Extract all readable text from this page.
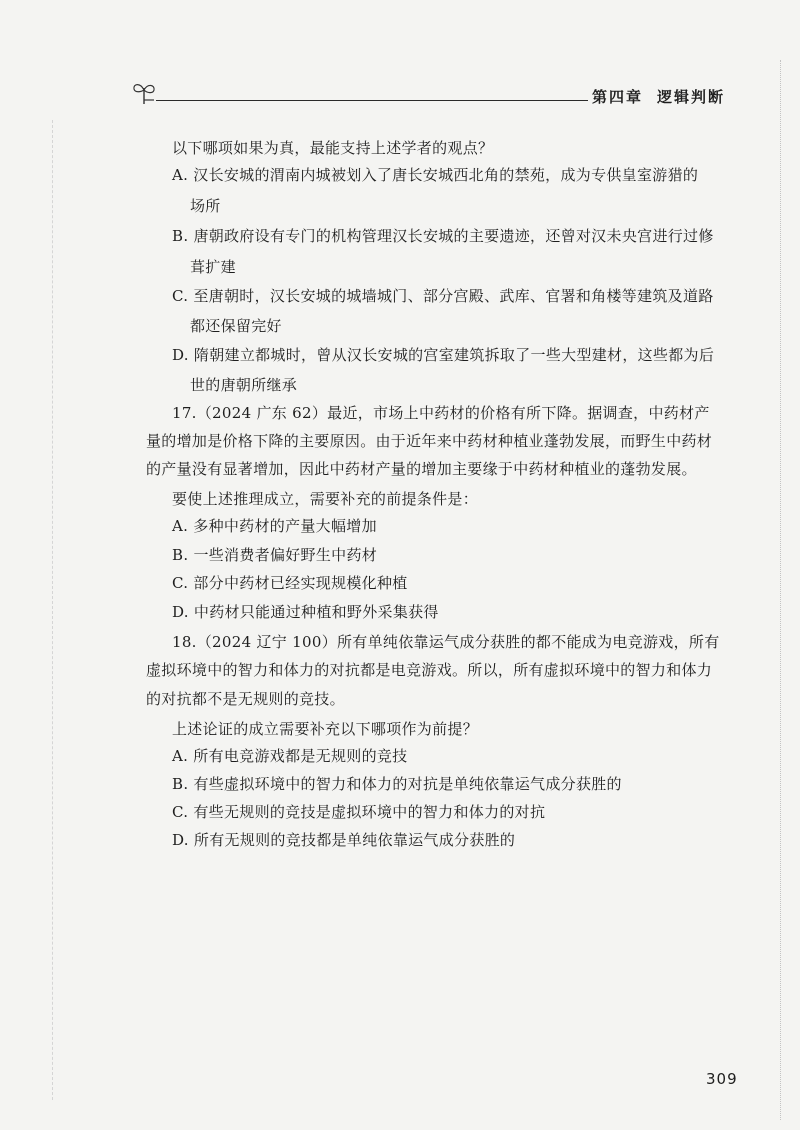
第四章 逻辑判断
以下哪项如果为真，最能支持上述学者的观点？
A. 汉长安城的渭南内城被划入了唐长安城西北角的禁苑，成为专供皇室游猎的
场所
B. 唐朝政府设有专门的机构管理汉长安城的主要遗迹，还曾对汉未央宫进行过修
葺扩建
C. 至唐朝时，汉长安城的城墙城门、部分宫殿、武库、官署和角楼等建筑及道路
都还保留完好
D. 隋朝建立都城时，曾从汉长安城的宫室建筑拆取了一些大型建材，这些都为后
世的唐朝所继承
17.（2024 广东 62）最近，市场上中药材的价格有所下降。据调查，中药材产
量的增加是价格下降的主要原因。由于近年来中药材种植业蓬勃发展，而野生中药材
的产量没有显著增加，因此中药材产量的增加主要缘于中药材种植业的蓬勃发展。
要使上述推理成立，需要补充的前提条件是：
A. 多种中药材的产量大幅增加
B. 一些消费者偏好野生中药材
C. 部分中药材已经实现规模化种植
D. 中药材只能通过种植和野外采集获得
18.（2024 辽宁 100）所有单纯依靠运气成分获胜的都不能成为电竞游戏，所有
虚拟环境中的智力和体力的对抗都是电竞游戏。所以，所有虚拟环境中的智力和体力
的对抗都不是无规则的竞技。
上述论证的成立需要补充以下哪项作为前提？
A. 所有电竞游戏都是无规则的竞技
B. 有些虚拟环境中的智力和体力的对抗是单纯依靠运气成分获胜的
C. 有些无规则的竞技是虚拟环境中的智力和体力的对抗
D. 所有无规则的竞技都是单纯依靠运气成分获胜的
309
